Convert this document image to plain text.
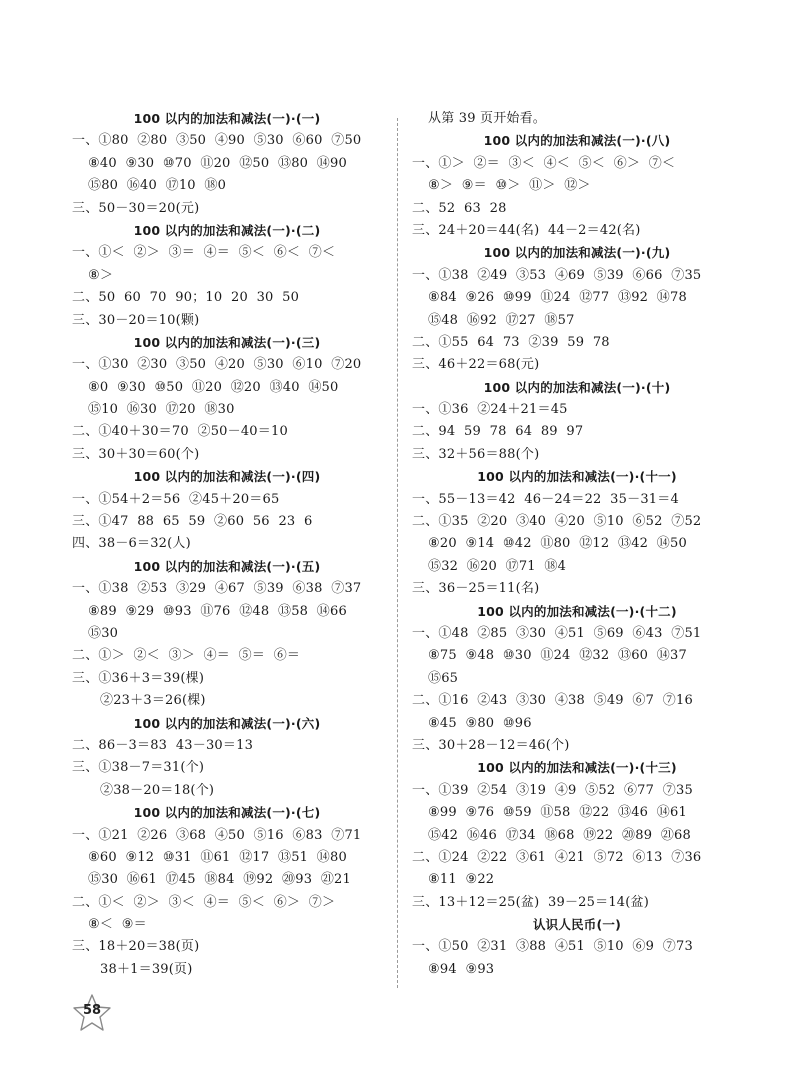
100 以内的加法和减法(一)·(一)
一、①80  ②80  ③50  ④90  ⑤30  ⑥60  ⑦50
⑧40  ⑨30  ⑩70  ⑪20  ⑫50  ⑬80  ⑭90
⑮80  ⑯40  ⑰10  ⑱0
三、50－30＝20(元)
100 以内的加法和减法(一)·(二)
一、①＜  ②＞  ③＝  ④＝  ⑤＜  ⑥＜  ⑦＜
⑧＞
二、50  60  70  90；10  20  30  50
三、30－20＝10(颗)
100 以内的加法和减法(一)·(三)
一、①30  ②30  ③50  ④20  ⑤30  ⑥10  ⑦20
⑧0  ⑨30  ⑩50  ⑪20  ⑫20  ⑬40  ⑭50
⑮10  ⑯30  ⑰20  ⑱30
二、①40＋30＝70  ②50－40＝10
三、30＋30＝60(个)
100 以内的加法和减法(一)·(四)
一、①54＋2＝56  ②45＋20＝65
三、①47  88  65  59  ②60  56  23  6
四、38－6＝32(人)
100 以内的加法和减法(一)·(五)
一、①38  ②53  ③29  ④67  ⑤39  ⑥38  ⑦37
⑧89  ⑨29  ⑩93  ⑪76  ⑫48  ⑬58  ⑭66
⑮30
二、①＞  ②＜  ③＞  ④＝  ⑤＝  ⑥＝
三、①36＋3＝39(棵)
②23＋3＝26(棵)
100 以内的加法和减法(一)·(六)
二、86－3＝83  43－30＝13
三、①38－7＝31(个)
②38－20＝18(个)
100 以内的加法和减法(一)·(七)
一、①21  ②26  ③68  ④50  ⑤16  ⑥83  ⑦71
⑧60  ⑨12  ⑩31  ⑪61  ⑫17  ⑬51  ⑭80
⑮30  ⑯61  ⑰45  ⑱84  ⑲92  ⑳93  ㉑21
二、①＜  ②＞  ③＜  ④＝  ⑤＜  ⑥＞  ⑦＞
⑧＜  ⑨＝
三、18＋20＝38(页)
38＋1＝39(页)
从第 39 页开始看。
100 以内的加法和减法(一)·(八)
一、①＞  ②＝  ③＜  ④＜  ⑤＜  ⑥＞  ⑦＜
⑧＞  ⑨＝  ⑩＞  ⑪＞  ⑫＞
二、52  63  28
三、24＋20＝44(名)  44－2＝42(名)
100 以内的加法和减法(一)·(九)
一、①38  ②49  ③53  ④69  ⑤39  ⑥66  ⑦35
⑧84  ⑨26  ⑩99  ⑪24  ⑫77  ⑬92  ⑭78
⑮48  ⑯92  ⑰27  ⑱57
二、①55  64  73  ②39  59  78
三、46＋22＝68(元)
100 以内的加法和减法(一)·(十)
一、①36  ②24＋21＝45
二、94  59  78  64  89  97
三、32＋56＝88(个)
100 以内的加法和减法(一)·(十一)
一、55－13＝42  46－24＝22  35－31＝4
二、①35  ②20  ③40  ④20  ⑤10  ⑥52  ⑦52
⑧20  ⑨14  ⑩42  ⑪80  ⑫12  ⑬42  ⑭50
⑮32  ⑯20  ⑰71  ⑱4
三、36－25＝11(名)
100 以内的加法和减法(一)·(十二)
一、①48  ②85  ③30  ④51  ⑤69  ⑥43  ⑦51
⑧75  ⑨48  ⑩30  ⑪24  ⑫32  ⑬60  ⑭37
⑮65
二、①16  ②43  ③30  ④38  ⑤49  ⑥7  ⑦16
⑧45  ⑨80  ⑩96
三、30＋28－12＝46(个)
100 以内的加法和减法(一)·(十三)
一、①39  ②54  ③19  ④9  ⑤52  ⑥77  ⑦35
⑧99  ⑨76  ⑩59  ⑪58  ⑫22  ⑬46  ⑭61
⑮42  ⑯46  ⑰34  ⑱68  ⑲22  ⑳89  ㉑68
二、①24  ②22  ③61  ④21  ⑤72  ⑥13  ⑦36
⑧11  ⑨22
三、13＋12＝25(盆)  39－25＝14(盆)
认识人民币(一)
一、①50  ②31  ③88  ④51  ⑤10  ⑥9  ⑦73
⑧94  ⑨93
58
